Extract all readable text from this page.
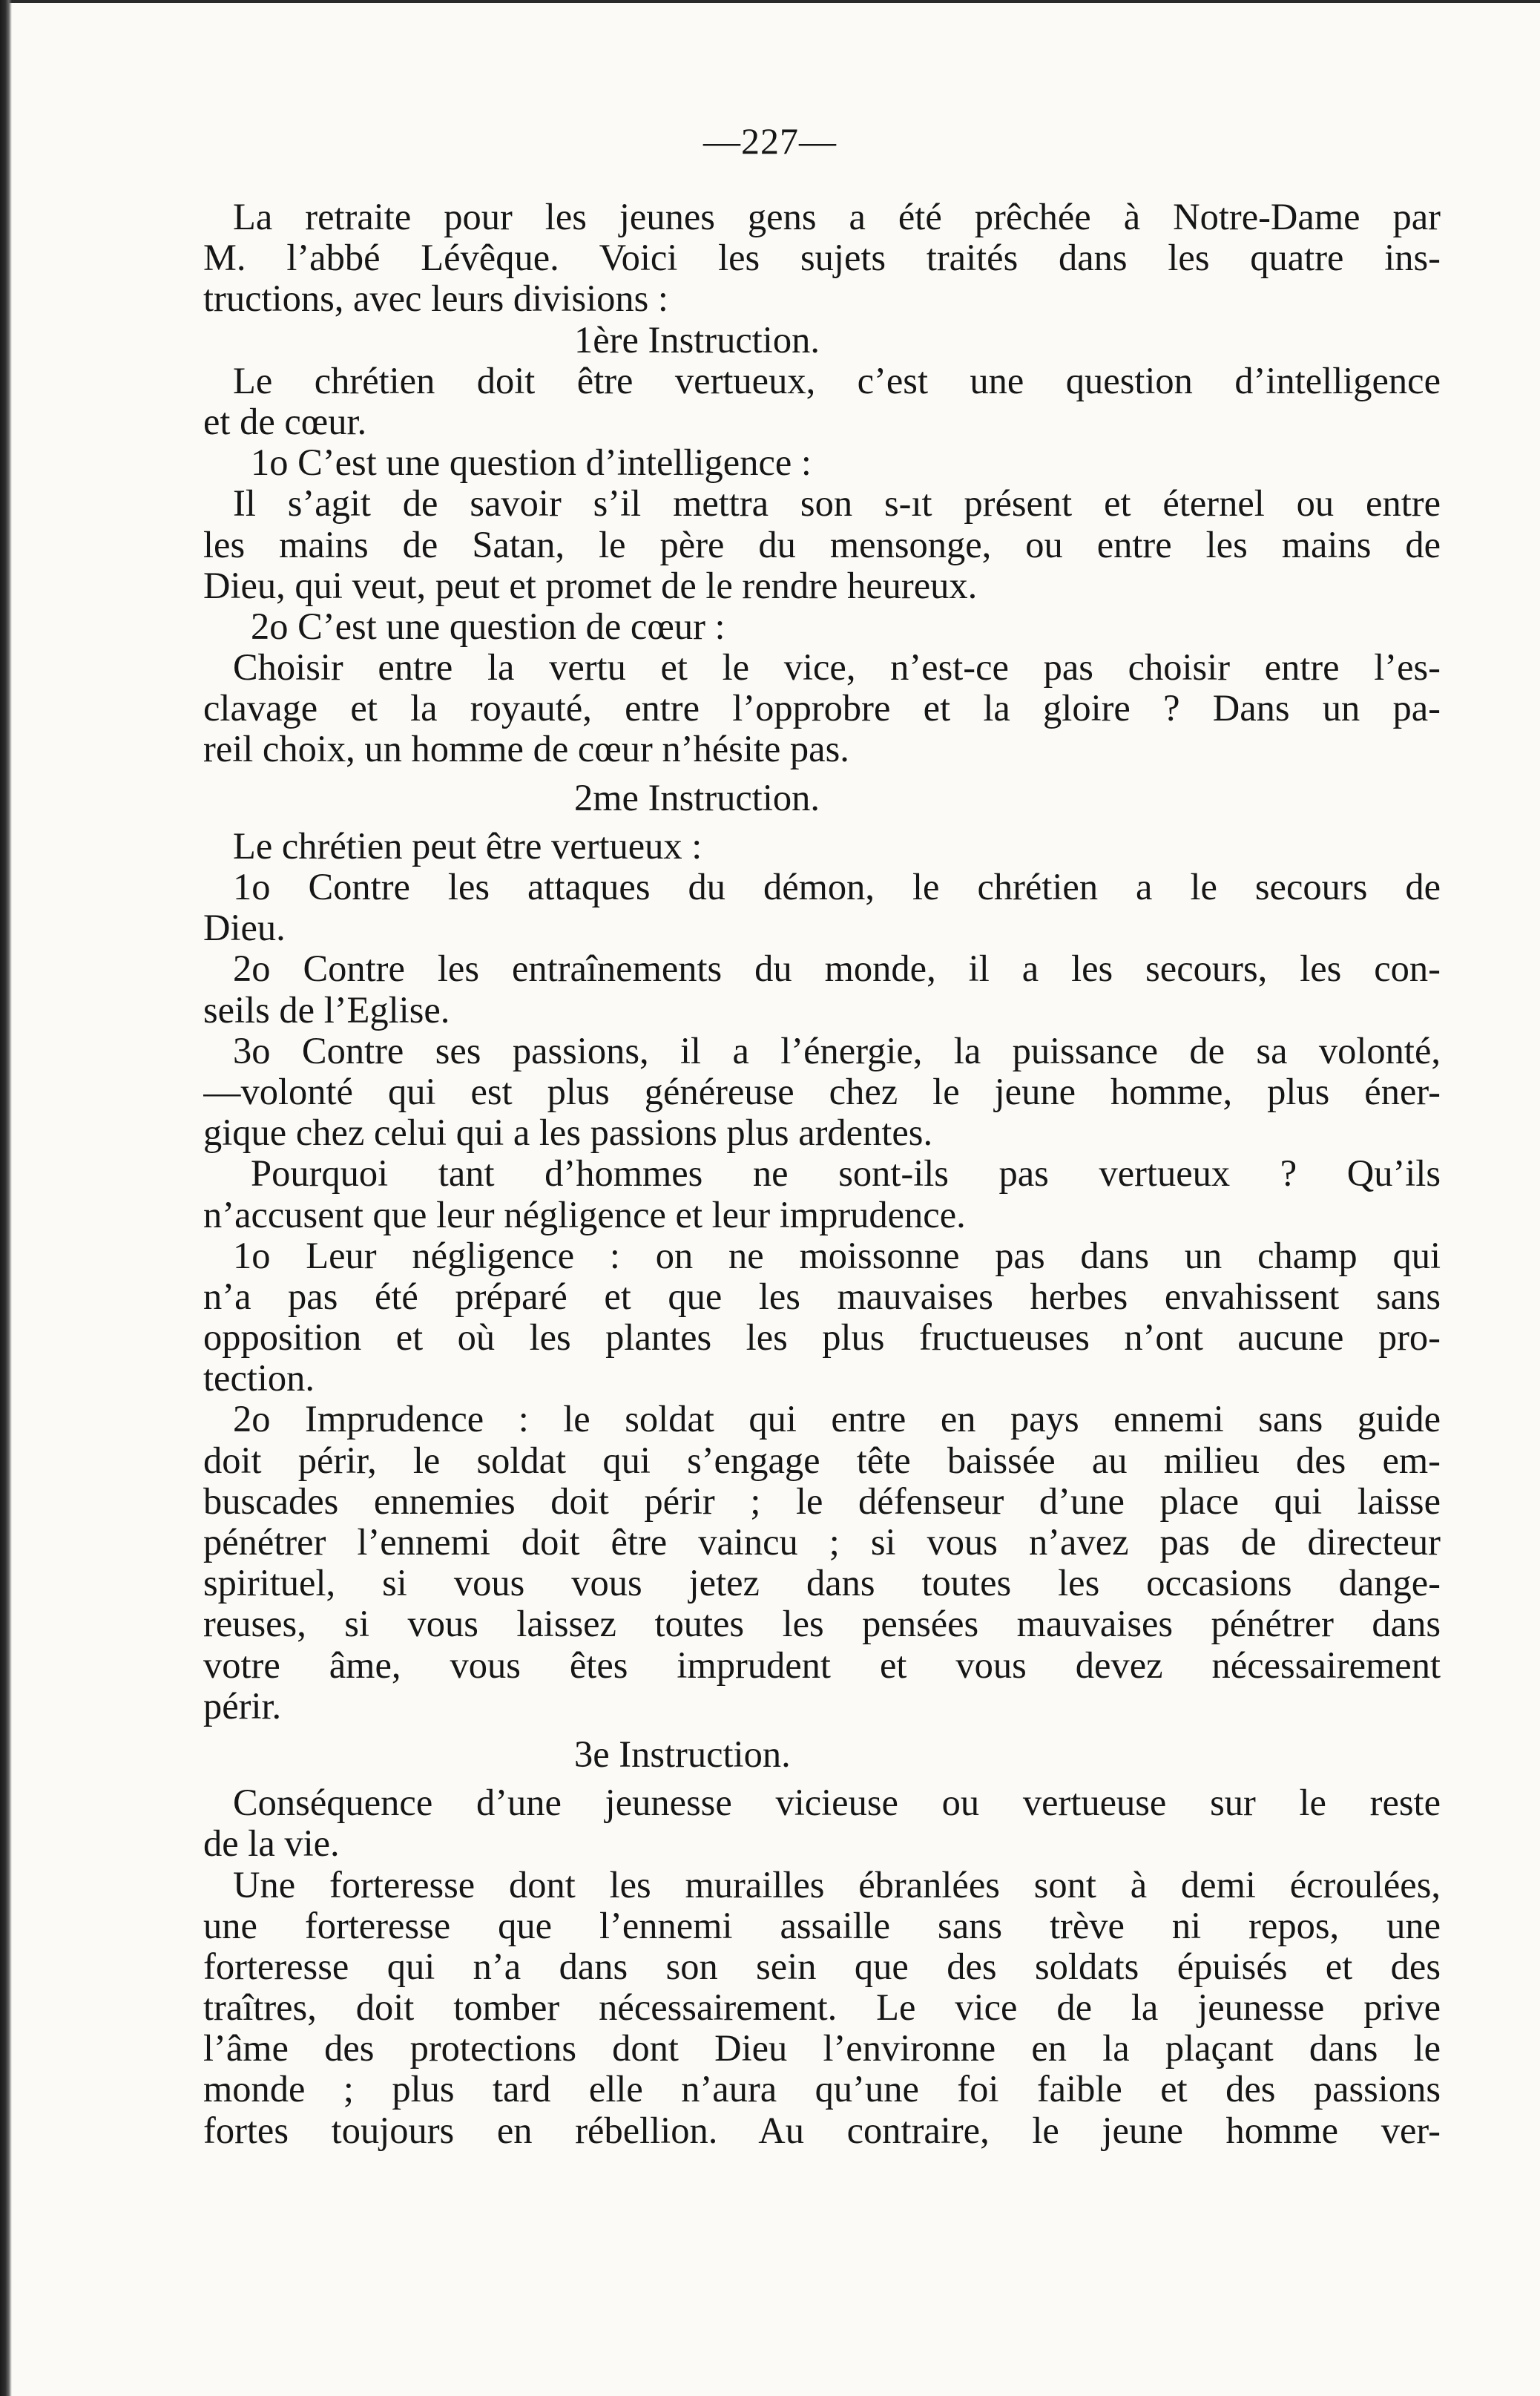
—227—
La retraite pour les jeunes gens a été prêchée à Notre-Dame par
M. l’abbé Lévêque. Voici les sujets traités dans les quatre ins-
tructions, avec leurs divisions :
1ère Instruction.
Le chrétien doit être vertueux, c’est une question d’intelligence
et de cœur.
1o C’est une question d’intelligence :
Il s’agit de savoir s’il mettra son s‐ıt présent et éternel ou entre
les mains de Satan, le père du mensonge, ou entre les mains de
Dieu, qui veut, peut et promet de le rendre heureux.
2o C’est une question de cœur :
Choisir entre la vertu et le vice, n’est-ce pas choisir entre l’es-
clavage et la royauté, entre l’opprobre et la gloire ? Dans un pa-
reil choix, un homme de cœur n’hésite pas.
2me Instruction.
Le chrétien peut être vertueux :
1o Contre les attaques du démon, le chrétien a le secours de
Dieu.
2o Contre les entraînements du monde, il a les secours, les con-
seils de l’Eglise.
3o Contre ses passions, il a l’énergie, la puissance de sa volonté,
—volonté qui est plus généreuse chez le jeune homme, plus éner-
gique chez celui qui a les passions plus ardentes.
Pourquoi tant d’hommes ne sont-ils pas vertueux ? Qu’ils
n’accusent que leur négligence et leur imprudence.
1o Leur négligence : on ne moissonne pas dans un champ qui
n’a pas été préparé et que les mauvaises herbes envahissent sans
opposition et où les plantes les plus fructueuses n’ont aucune pro-
tection.
2o Imprudence : le soldat qui entre en pays ennemi sans guide
doit périr, le soldat qui s’engage tête baissée au milieu des em-
buscades ennemies doit périr ; le défenseur d’une place qui laisse
pénétrer l’ennemi doit être vaincu ; si vous n’avez pas de directeur
spirituel, si vous vous jetez dans toutes les occasions dange-
reuses, si vous laissez toutes les pensées mauvaises pénétrer dans
votre âme, vous êtes imprudent et vous devez nécessairement
périr.
3e Instruction.
Conséquence d’une jeunesse vicieuse ou vertueuse sur le reste
de la vie.
Une forteresse dont les murailles ébranlées sont à demi écroulées,
une forteresse que l’ennemi assaille sans trève ni repos, une
forteresse qui n’a dans son sein que des soldats épuisés et des
traîtres, doit tomber nécessairement. Le vice de la jeunesse prive
l’âme des protections dont Dieu l’environne en la plaçant dans le
monde ; plus tard elle n’aura qu’une foi faible et des passions
fortes toujours en rébellion. Au contraire, le jeune homme ver-
